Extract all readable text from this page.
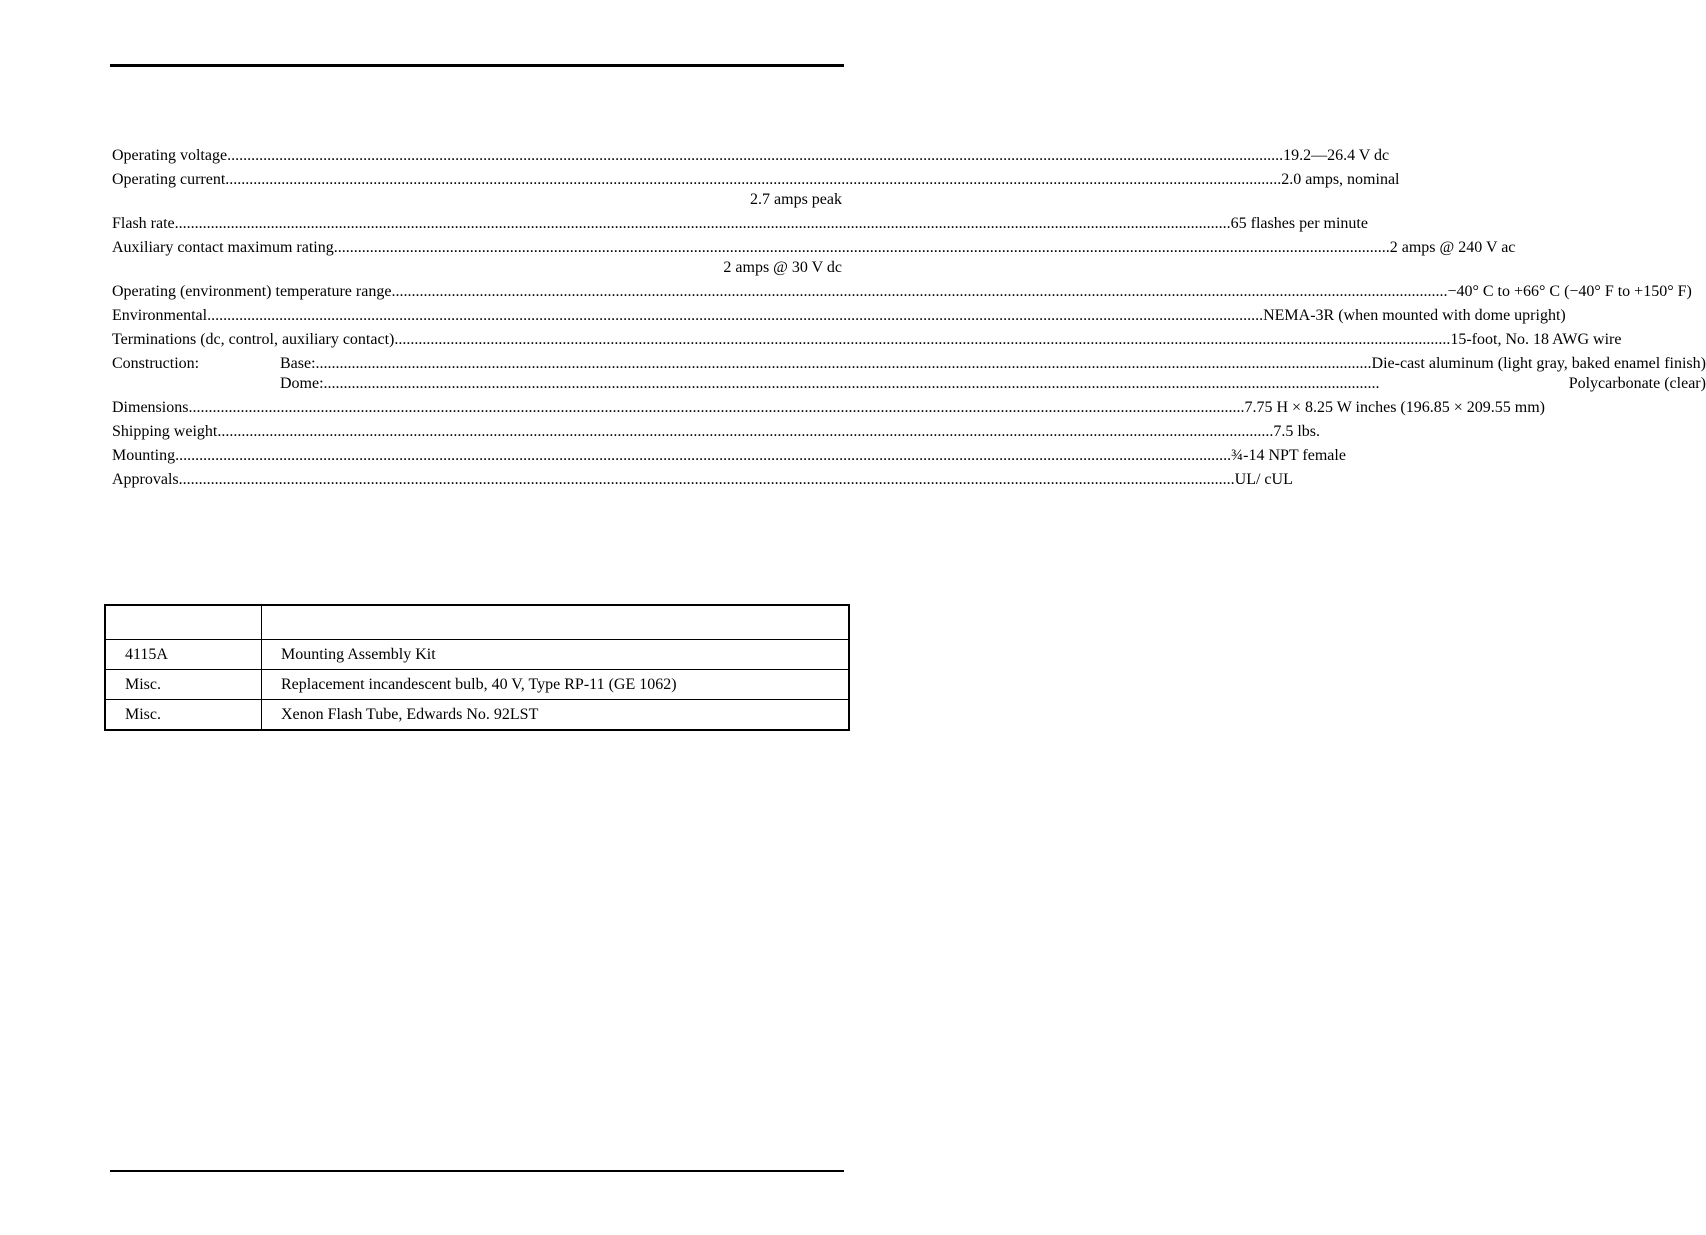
Operating voltage .....	19.2—26.4 V dc
Operating current .....	2.0 amps, nominal
2.7 amps peak
Flash rate .....	65 flashes per minute
Auxiliary contact maximum rating .....	2 amps @ 240 V ac
2 amps @ 30 V dc
Operating (environment) temperature range .....	−40° C to +66° C (−40° F to +150° F)
Environmental .....	NEMA-3R (when mounted with dome upright)
Terminations (dc, control, auxiliary contact) .....	15-foot, No. 18 AWG wire
Construction:	Base: .....	Die-cast aluminum (light gray, baked enamel finish)
Dome: .....	Polycarbonate (clear)
Dimensions .....	7.75 H × 8.25 W inches (196.85 × 209.55 mm)
Shipping weight .....	7.5 lbs.
Mounting .....	¾-14 NPT female
Approvals .....	UL/ cUL

4115A	Mounting Assembly Kit
Misc.	Replacement incandescent bulb, 40 V, Type RP-11 (GE 1062)
Misc.	Xenon Flash Tube, Edwards No. 92LST
